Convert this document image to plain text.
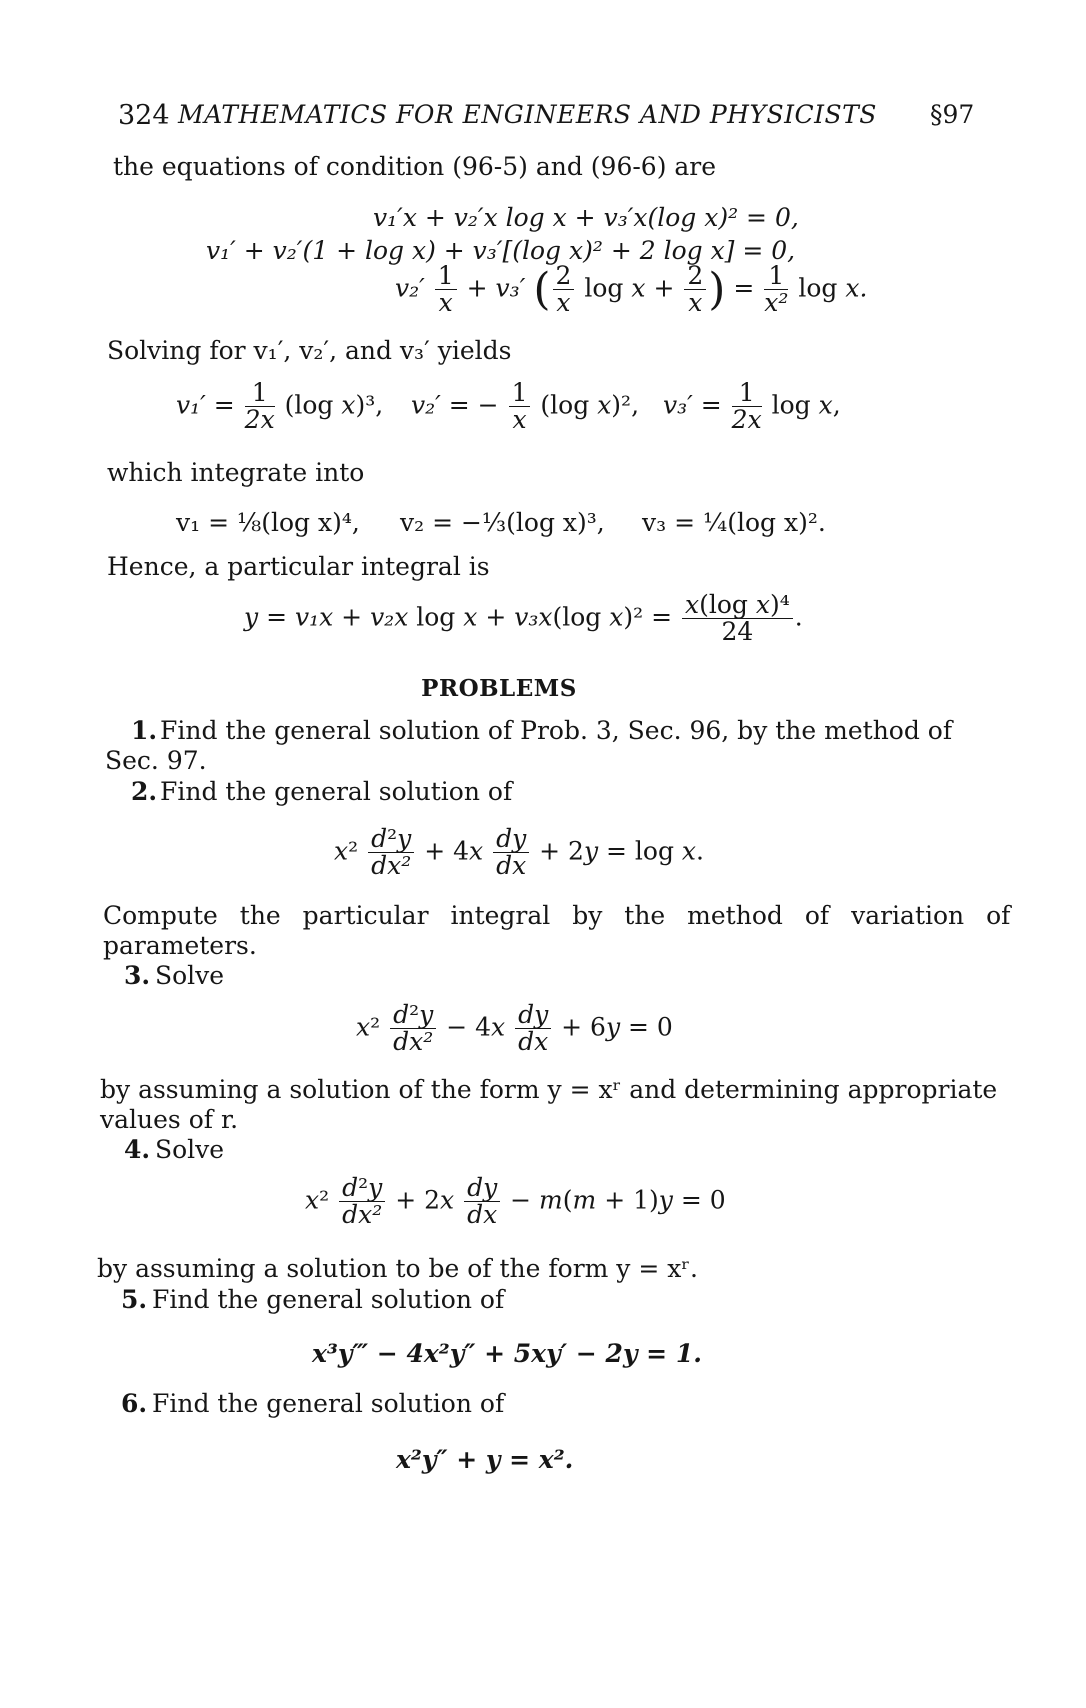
324 MATHEMATICS FOR ENGINEERS AND PHYSICISTS §97
the equations of condition (96-5) and (96-6) are
v₁′x + v₂′x log x + v₃′x(log x)² = 0,
v₁′ + v₂′(1 + log x) + v₃′[(log x)² + 2 log x] = 0,
$v_2' \frac{1}{x} + v_3'$ ( $\frac{2}{x}$ $\log x + \frac{2}{x}$ ) = $\frac{1}{\text{x²}}$ log x.
Solving for v₁′, v₂′, and v₃′ yields
$v_1' = \frac{1}{2x} (\log$ x)³, v₂′ = − $\frac{1}{x} (\log$ x)², $v_3' = \frac{1}{2x}$ log x,
which integrate into
v₁ = ⅛(log x)⁴, v₂ = −⅓(log x)³, v₃ = ¼(log x)².
Hence, a particular integral is
y = v₁x + v₂x log x + v₃x(log $x)^2 = \frac{\text{x(log x)⁴}}{24}$ .
PROBLEMS
1. Find the general solution of Prob. 3, Sec. 96, by the method of
Sec. 97.
2. Find the general solution of
$x^2 \frac{\text{d²y}}{\text{dx²}} + 4x \frac{dy}{dx} + 2y = \log x$.
Compute the particular integral by the method of variation of
parameters.
3. Solve
$x^2 \frac{\text{d²y}}{\text{dx²}} - 4x \frac{dy}{dx} + 6y = 0$
by assuming a solution of the form y = xʳ and determining appropriate
values of r.
4. Solve
$x^2 \frac{\text{d²y}}{\text{dx²}} + 2x \frac{dy}{dx} - m(m + 1)y = 0$
by assuming a solution to be of the form y = xʳ.
5. Find the general solution of
x³y‴ − 4x²y″ + 5xy′ − 2y = 1.
6. Find the general solution of
x²y″ + y = x².
